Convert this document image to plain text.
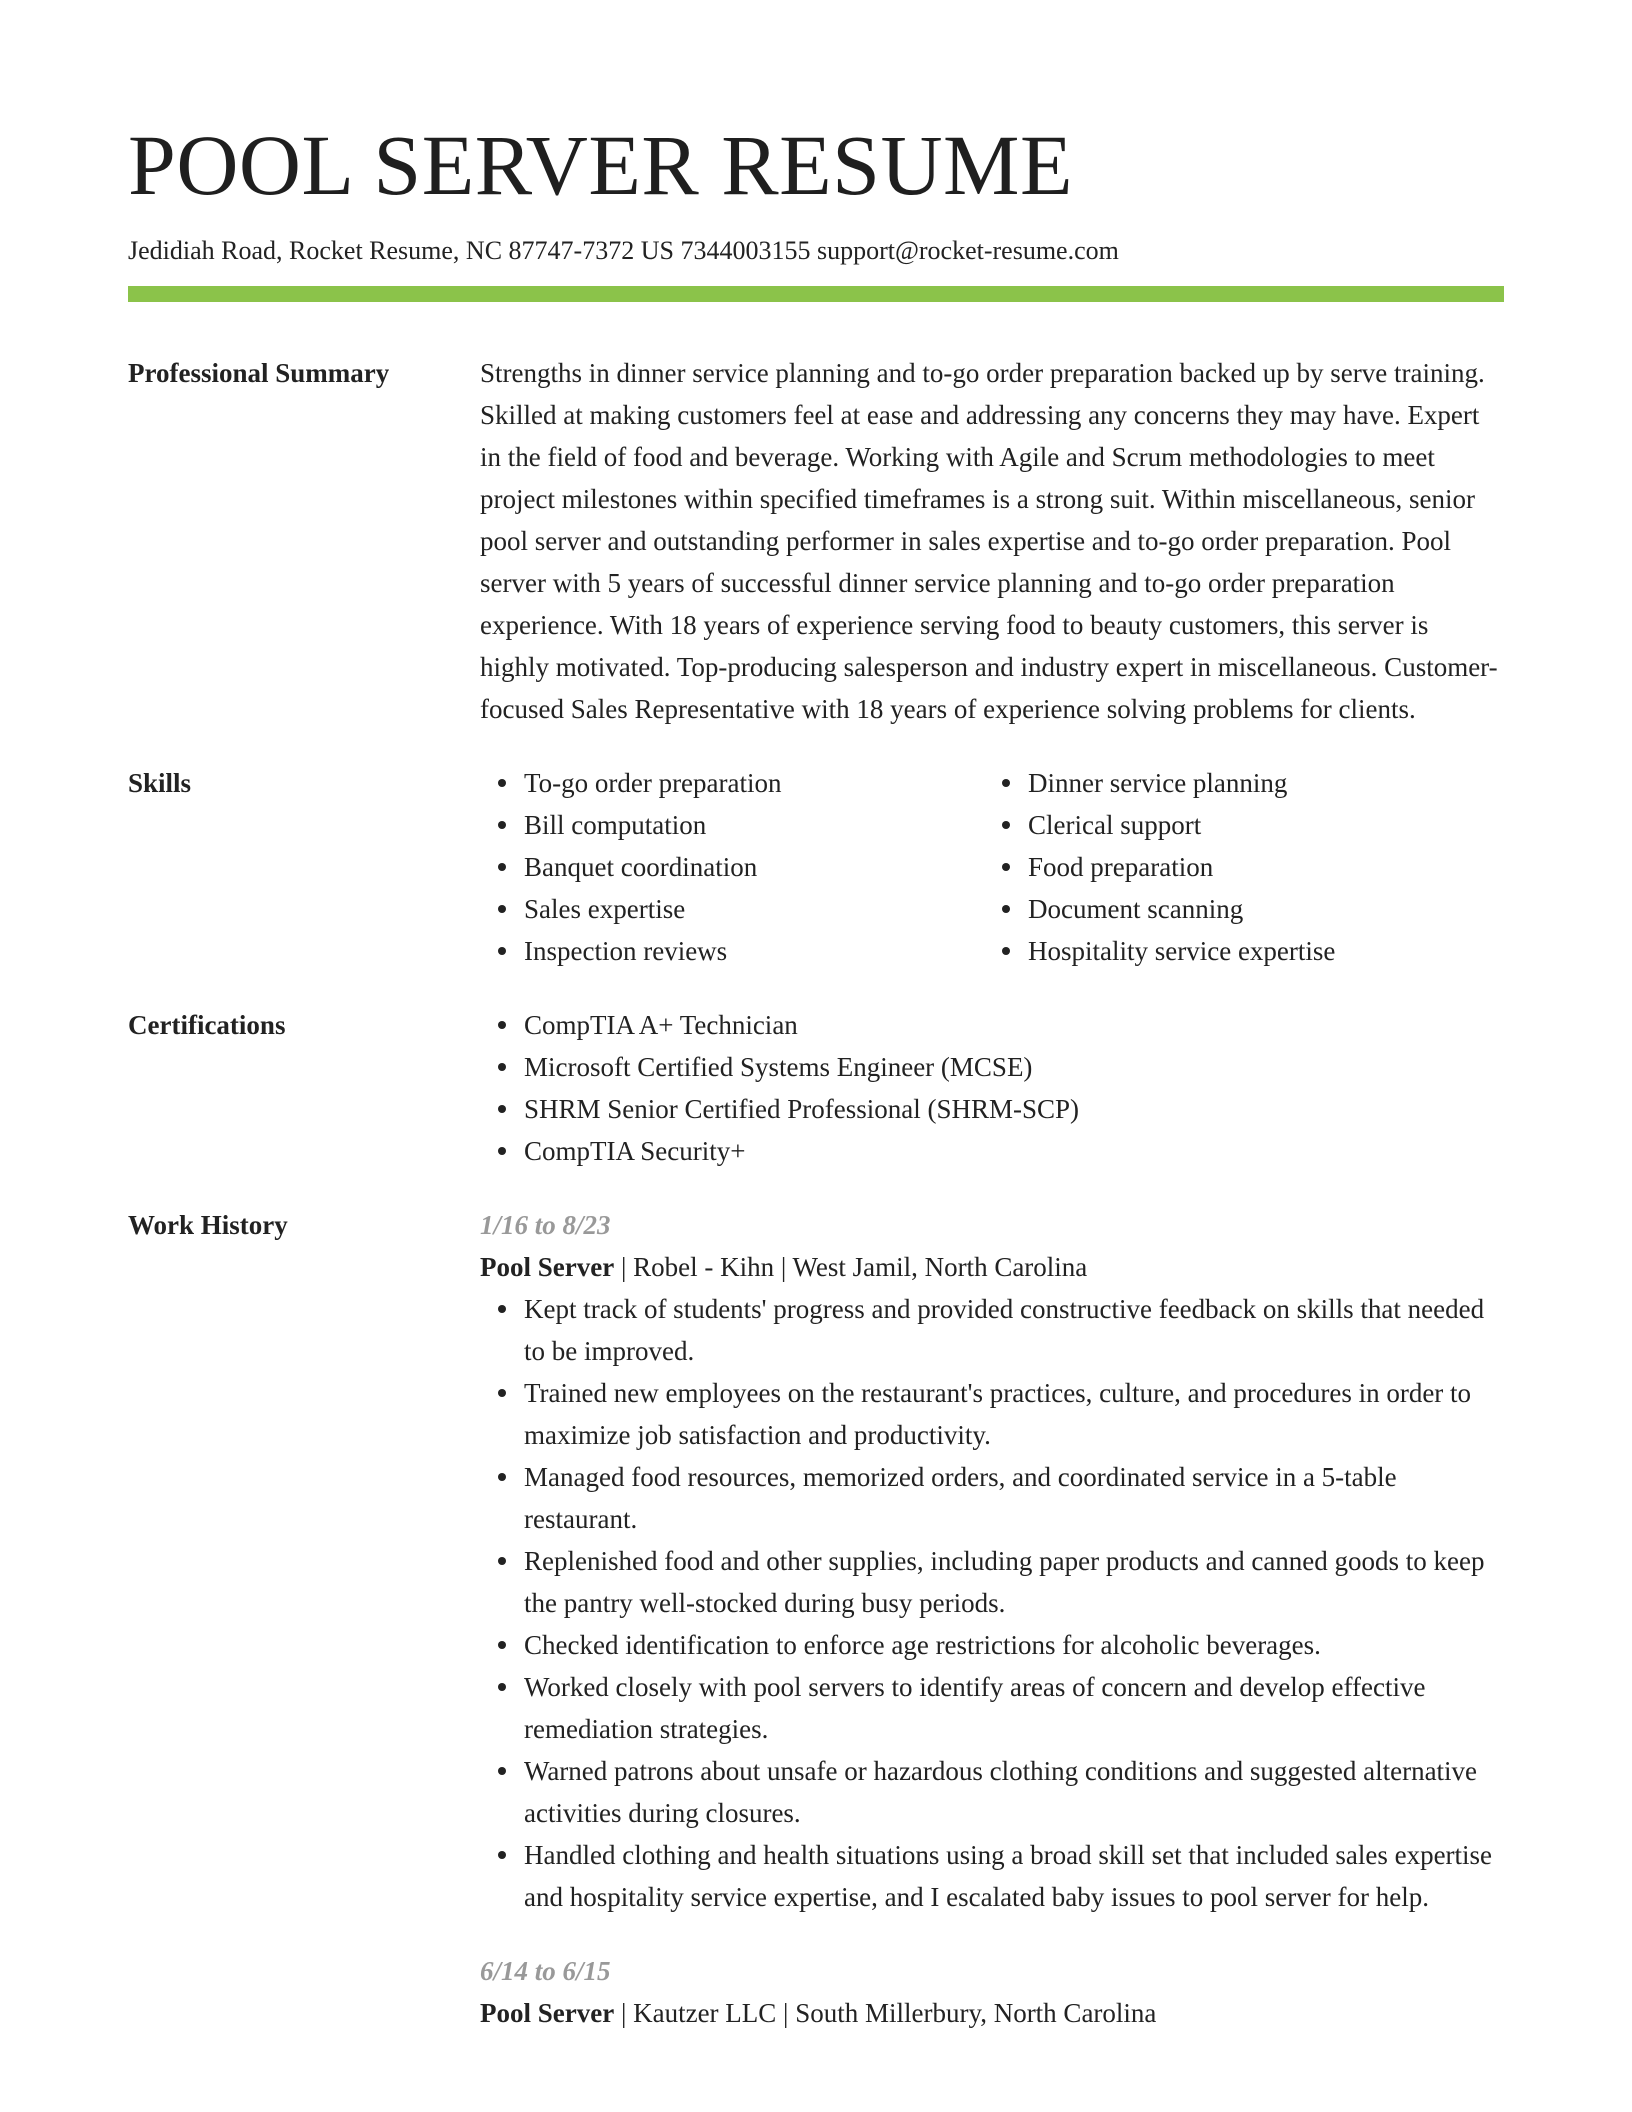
POOL SERVER RESUME
Jedidiah Road, Rocket Resume, NC 87747-7372 US 7344003155 support@rocket-resume.com
Professional Summary	Strengths in dinner service planning and to-go order preparation backed up by serve training. Skilled at making customers feel at ease and addressing any concerns they may have. Expert in the field of food and beverage. Working with Agile and Scrum methodologies to meet project milestones within specified timeframes is a strong suit. Within miscellaneous, senior pool server and outstanding performer in sales expertise and to-go order preparation. Pool server with 5 years of successful dinner service planning and to-go order preparation experience. With 18 years of experience serving food to beauty customers, this server is highly motivated. Top-producing salesperson and industry expert in miscellaneous. Customer-focused Sales Representative with 18 years of experience solving problems for clients.
Skills	To-go order preparation
Bill computation
Banquet coordination
Sales expertise
Inspection reviews
Dinner service planning
Clerical support
Food preparation
Document scanning
Hospitality service expertise
Certifications	CompTIA A+ Technician
Microsoft Certified Systems Engineer (MCSE)
SHRM Senior Certified Professional (SHRM-SCP)
CompTIA Security+
Work History	1/16 to 8/23
Pool Server | Robel - Kihn | West Jamil, North Carolina
Kept track of students' progress and provided constructive feedback on skills that needed to be improved.
Trained new employees on the restaurant's practices, culture, and procedures in order to maximize job satisfaction and productivity.
Managed food resources, memorized orders, and coordinated service in a 5-table restaurant.
Replenished food and other supplies, including paper products and canned goods to keep the pantry well-stocked during busy periods.
Checked identification to enforce age restrictions for alcoholic beverages.
Worked closely with pool servers to identify areas of concern and develop effective remediation strategies.
Warned patrons about unsafe or hazardous clothing conditions and suggested alternative activities during closures.
Handled clothing and health situations using a broad skill set that included sales expertise and hospitality service expertise, and I escalated baby issues to pool server for help.
6/14 to 6/15
Pool Server | Kautzer LLC | South Millerbury, North Carolina
